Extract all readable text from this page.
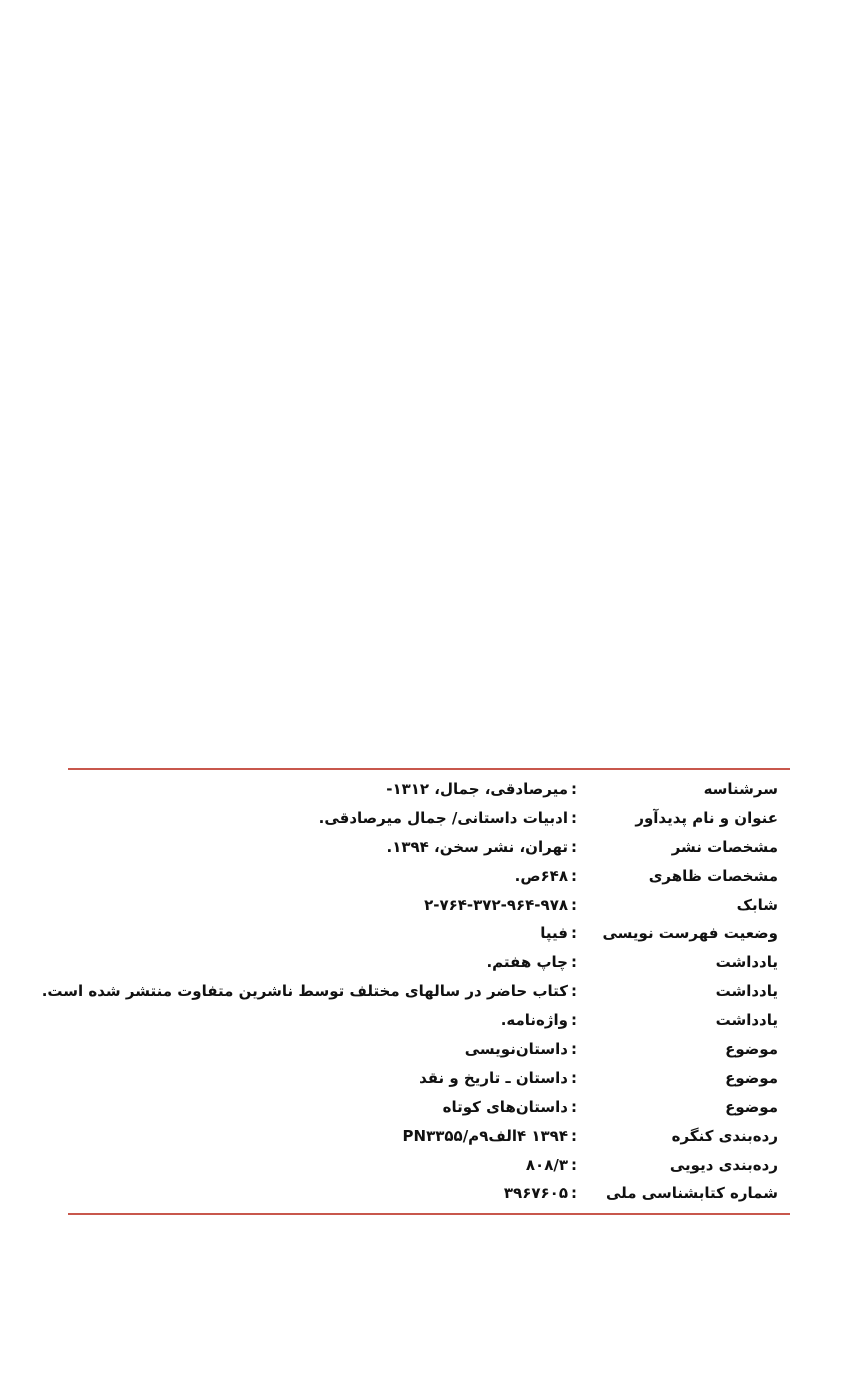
سرشناسه
:
میرصادقی، جمال، ۱۳۱۲-
عنوان و نام پدیدآور
:
ادبیات داستانی/ جمال میرصادقی.
مشخصات نشر
:
تهران، نشر سخن، ۱۳۹۴.
مشخصات ظاهری
:
۶۴۸ص.
شابک
:
۲-۷۶۴-۳۷۲-۹۶۴-۹۷۸
وضعیت فهرست نویسی
:
فیپا
یادداشت
:
چاپ هفتم.
یادداشت
:
کتاب حاضر در سالهای مختلف توسط ناشرین متفاوت منتشر شده است.
یادداشت
:
واژه‌نامه.
موضوع
:
داستان‌نویسی
موضوع
:
داستان ـ تاریخ و نقد
موضوع
:
داستان‌های کوتاه
رده‌بندی کنگره
:
۱۳۹۴ ۴الف۹م/PN۳۳۵۵
رده‌بندی دیویی
:
۸۰۸/۳
شماره کتابشناسی ملی
:
۳۹۶۷۶۰۵
